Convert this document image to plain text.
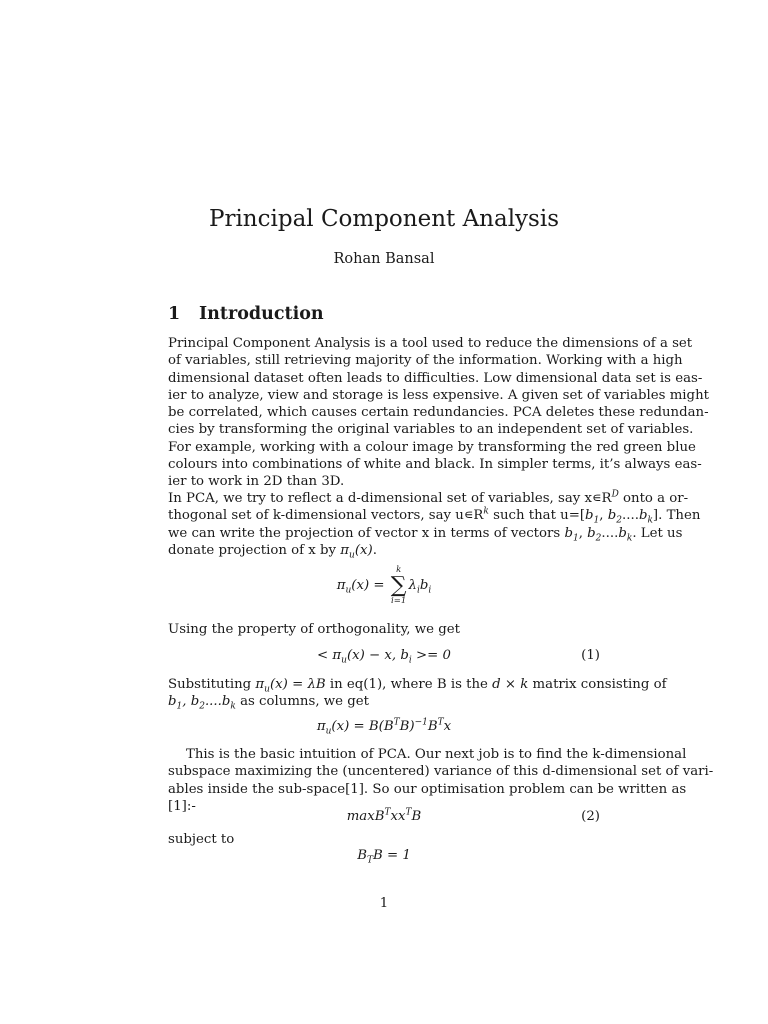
Principal Component Analysis
Rohan Bansal
1 Introduction
Principal Component Analysis is a tool used to reduce the dimensions of a set
of variables, still retrieving majority of the information. Working with a high
dimensional dataset often leads to difficulties. Low dimensional data set is eas-
ier to analyze, view and storage is less expensive. A given set of variables might
be correlated, which causes certain redundancies. PCA deletes these redundan-
cies by transforming the original variables to an independent set of variables.
For example, working with a colour image by transforming the red green blue
colours into combinations of white and black. In simpler terms, it’s always eas-
ier to work in 2D than 3D.
In PCA, we try to reflect a d-dimensional set of variables, say $x∊R^D$ onto a or-
thogonal set of k-dimensional vectors, say $u∊R^k$ such that $u=[b_1$, $b_2....b_k$]. Then
we can write the projection of vector x in terms of vectors $b_1$, $b_2....b_k$. Let us
donate projection of x by $\pi_u(x)$.
$\pi_u(x)$ =
k
∑
i=1
$\lambda_ib_i$
Using the property of orthogonality, we get
< $\pi_u(x) - x$, $b_i >= 0$	(1)
Substituting $\pi_u(x) = \lambda B$ in eq(1), where B is the d × k matrix consisting of
$b_1$, $b_2....b_k$ as columns, we get
$\pi_u(x) = B(B^TB)^{-1}B^Tx$
This is the basic intuition of PCA. Our next job is to find the k-dimensional
subspace maximizing the (uncentered) variance of this d-dimensional set of vari-
ables inside the sub-space[1]. So our optimisation problem can be written as
[1]:-
$\max B^Txx^TB$	(2)
subject to
$B_TB = 1$
1
